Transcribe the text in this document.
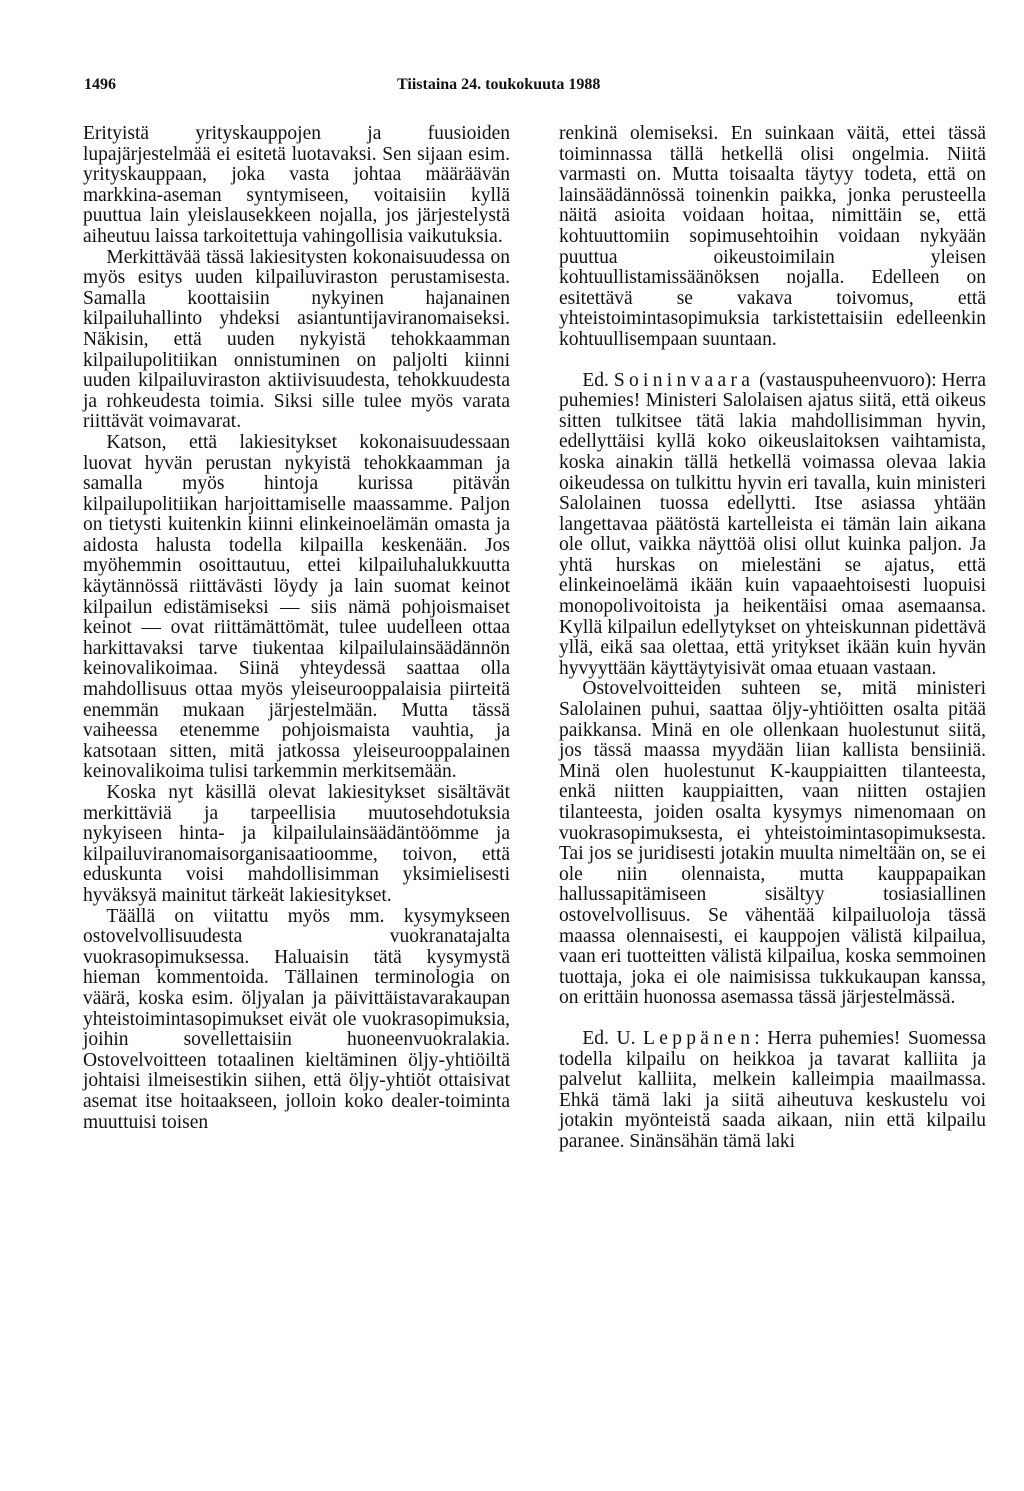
1496	Tiistaina 24. toukokuuta 1988

Erityistä yrityskauppojen ja fuusioiden lupajärjestelmää ei esitetä luotavaksi. Sen sijaan esim. yrityskauppaan, joka vasta johtaa määräävän markkina-aseman syntymiseen, voitaisiin kyllä puuttua lain yleislausekkeen nojalla, jos järjestelystä aiheutuu laissa tarkoitettuja vahingollisia vaikutuksia.

Merkittävää tässä lakiesitysten kokonaisuudessa on myös esitys uuden kilpailuviraston perustamisesta. Samalla koottaisiin nykyinen hajanainen kilpailuhallinto yhdeksi asiantuntijaviranomaiseksi. Näkisin, että uuden nykyistä tehokkaamman kilpailupolitiikan onnistuminen on paljolti kiinni uuden kilpailuviraston aktiivisuudesta, tehokkuudesta ja rohkeudesta toimia. Siksi sille tulee myös varata riittävät voimavarat.

Katson, että lakiesitykset kokonaisuudessaan luovat hyvän perustan nykyistä tehokkaamman ja samalla myös hintoja kurissa pitävän kilpailupolitiikan harjoittamiselle maassamme. Paljon on tietysti kuitenkin kiinni elinkeinoelämän omasta ja aidosta halusta todella kilpailla keskenään. Jos myöhemmin osoittautuu, ettei kilpailuhalukkuutta käytännössä riittävästi löydy ja lain suomat keinot kilpailun edistämiseksi — siis nämä pohjoismaiset keinot — ovat riittämättömät, tulee uudelleen ottaa harkittavaksi tarve tiukentaa kilpailulainsäädännön keinovalikoimaa. Siinä yhteydessä saattaa olla mahdollisuus ottaa myös yleiseurooppalaisia piirteitä enemmän mukaan järjestelmään. Mutta tässä vaiheessa etenemme pohjoismaista vauhtia, ja katsotaan sitten, mitä jatkossa yleiseurooppalainen keinovalikoima tulisi tarkemmin merkitsemään.

Koska nyt käsillä olevat lakiesitykset sisältävät merkittäviä ja tarpeellisia muutosehdotuksia nykyiseen hinta- ja kilpailulainsäädäntöömme ja kilpailuviranomaisorganisaatioomme, toivon, että eduskunta voisi mahdollisimman yksimielisesti hyväksyä mainitut tärkeät lakiesitykset.

Täällä on viitattu myös mm. kysymykseen ostovelvollisuudesta vuokranatajalta vuokrasopimuksessa. Haluaisin tätä kysymystä hieman kommentoida. Tällainen terminologia on väärä, koska esim. öljyalan ja päivittäistavarakaupan yhteistoimintasopimukset eivät ole vuokrasopimuksia, joihin sovellettaisiin huoneenvuokralakia. Ostovelvoitteen totaalinen kieltäminen öljy-yhtiöiltä johtaisi ilmeisestikin siihen, että öljy-yhtiöt ottaisivat asemat itse hoitaakseen, jolloin koko dealer-toiminta muuttuisi toisen

renkinä olemiseksi. En suinkaan väitä, ettei tässä toiminnassa tällä hetkellä olisi ongelmia. Niitä varmasti on. Mutta toisaalta täytyy todeta, että on lainsäädännössä toinenkin paikka, jonka perusteella näitä asioita voidaan hoitaa, nimittäin se, että kohtuuttomiin sopimusehtoihin voidaan nykyään puuttua oikeustoimilain yleisen kohtuullistamissäänöksen nojalla. Edelleen on esitettävä se vakava toivomus, että yhteistoimintasopimuksia tarkistettaisiin edelleenkin kohtuullisempaan suuntaan.

Ed. Soininvaara (vastauspuheenvuoro): Herra puhemies! Ministeri Salolaisen ajatus siitä, että oikeus sitten tulkitsee tätä lakia mahdollisimman hyvin, edellyttäisi kyllä koko oikeuslaitoksen vaihtamista, koska ainakin tällä hetkellä voimassa olevaa lakia oikeudessa on tulkittu hyvin eri tavalla, kuin ministeri Salolainen tuossa edellytti. Itse asiassa yhtään langettavaa päätöstä kartelleista ei tämän lain aikana ole ollut, vaikka näyttöä olisi ollut kuinka paljon. Ja yhtä hurskas on mielestäni se ajatus, että elinkeinoelämä ikään kuin vapaaehtoisesti luopuisi monopolivoitoista ja heikentäisi omaa asemaansa. Kyllä kilpailun edellytykset on yhteiskunnan pidettävä yllä, eikä saa olettaa, että yritykset ikään kuin hyvän hyvyyttään käyttäytyisivät omaa etuaan vastaan.

Ostovelvoitteiden suhteen se, mitä ministeri Salolainen puhui, saattaa öljy-yhtiöitten osalta pitää paikkansa. Minä en ole ollenkaan huolestunut siitä, jos tässä maassa myydään liian kallista bensiiniä. Minä olen huolestunut K-kauppiaitten tilanteesta, enkä niitten kauppiaitten, vaan niitten ostajien tilanteesta, joiden osalta kysymys nimenomaan on vuokrasopimuksesta, ei yhteistoimintasopimuksesta. Tai jos se juridisesti jotakin muulta nimeltään on, se ei ole niin olennaista, mutta kauppapaikan hallussapitämiseen sisältyy tosiasiallinen ostovelvollisuus. Se vähentää kilpailuoloja tässä maassa olennaisesti, ei kauppojen välistä kilpailua, vaan eri tuotteitten välistä kilpailua, koska semmoinen tuottaja, joka ei ole naimisissa tukkukaupan kanssa, on erittäin huonossa asemassa tässä järjestelmässä.

Ed. U. Leppänen: Herra puhemies! Suomessa todella kilpailu on heikkoa ja tavarat kalliita ja palvelut kalliita, melkein kalleimpia maailmassa. Ehkä tämä laki ja siitä aiheutuva keskustelu voi jotakin myönteistä saada aikaan, niin että kilpailu paranee. Sinänsähän tämä laki
